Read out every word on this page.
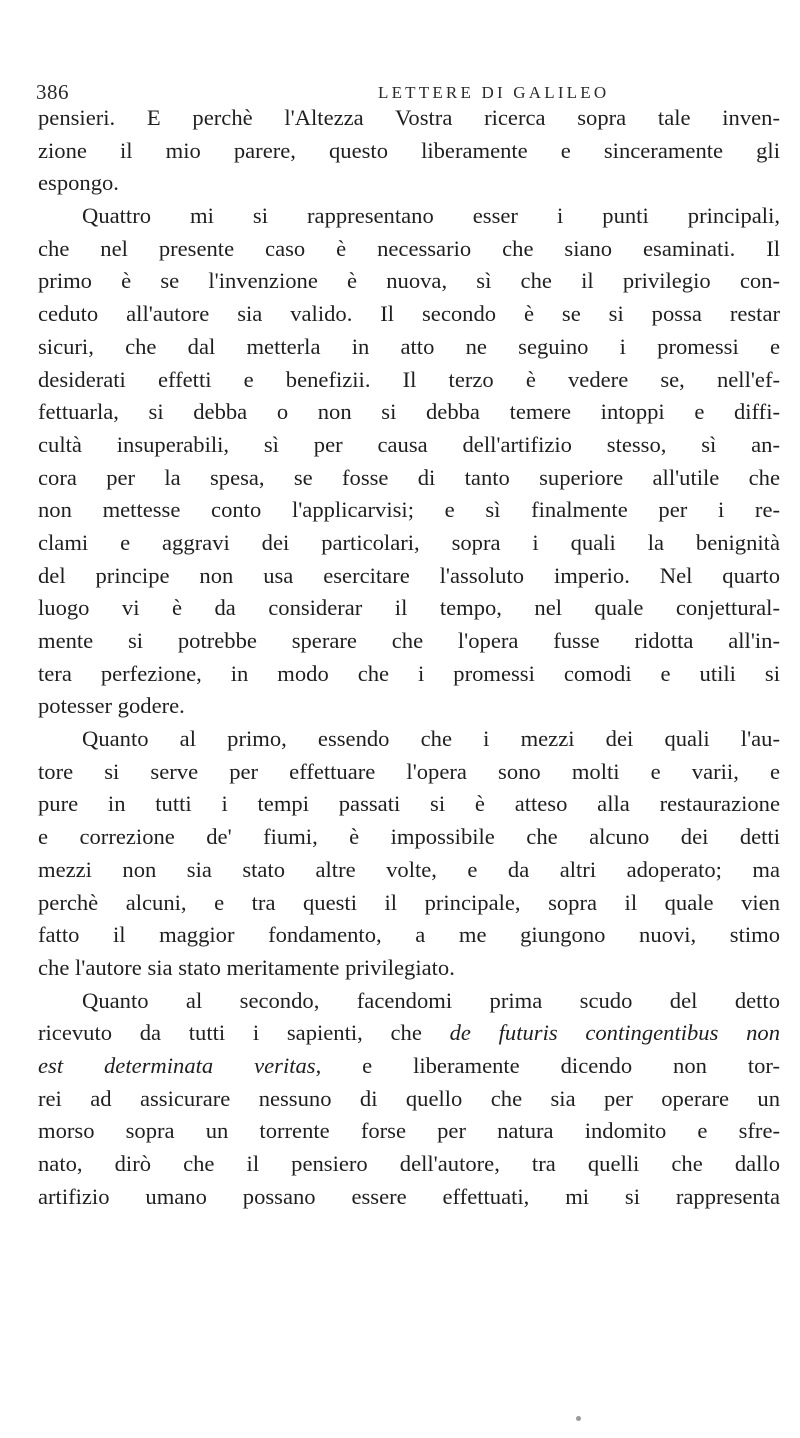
386	LETTERE DI GALILEO
pensieri. E perchè l'Altezza Vostra ricerca sopra tale inven-
zione il mio parere, questo liberamente e sinceramente gli
espongo.
Quattro mi si rappresentano esser i punti principali,
che nel presente caso è necessario che siano esaminati. Il
primo è se l'invenzione è nuova, sì che il privilegio con-
ceduto all'autore sia valido. Il secondo è se si possa restar
sicuri, che dal metterla in atto ne seguino i promessi e
desiderati effetti e benefizii. Il terzo è vedere se, nell'ef-
fettuarla, si debba o non si debba temere intoppi e diffi-
cultà insuperabili, sì per causa dell'artifizio stesso, sì an-
cora per la spesa, se fosse di tanto superiore all'utile che
non mettesse conto l'applicarvisi; e sì finalmente per i re-
clami e aggravi dei particolari, sopra i quali la benignità
del principe non usa esercitare l'assoluto imperio. Nel quarto
luogo vi è da considerar il tempo, nel quale conjettural-
mente si potrebbe sperare che l'opera fusse ridotta all'in-
tera perfezione, in modo che i promessi comodi e utili si
potesser godere.
Quanto al primo, essendo che i mezzi dei quali l'au-
tore si serve per effettuare l'opera sono molti e varii, e
pure in tutti i tempi passati si è atteso alla restaurazione
e correzione de' fiumi, è impossibile che alcuno dei detti
mezzi non sia stato altre volte, e da altri adoperato; ma
perchè alcuni, e tra questi il principale, sopra il quale vien
fatto il maggior fondamento, a me giungono nuovi, stimo
che l'autore sia stato meritamente privilegiato.
Quanto al secondo, facendomi prima scudo del detto
ricevuto da tutti i sapienti, che de futuris contingentibus non
est determinata veritas, e liberamente dicendo non tor-
rei ad assicurare nessuno di quello che sia per operare un
morso sopra un torrente forse per natura indomito e sfre-
nato, dirò che il pensiero dell'autore, tra quelli che dallo
artifizio umano possano essere effettuati, mi si rappresenta
